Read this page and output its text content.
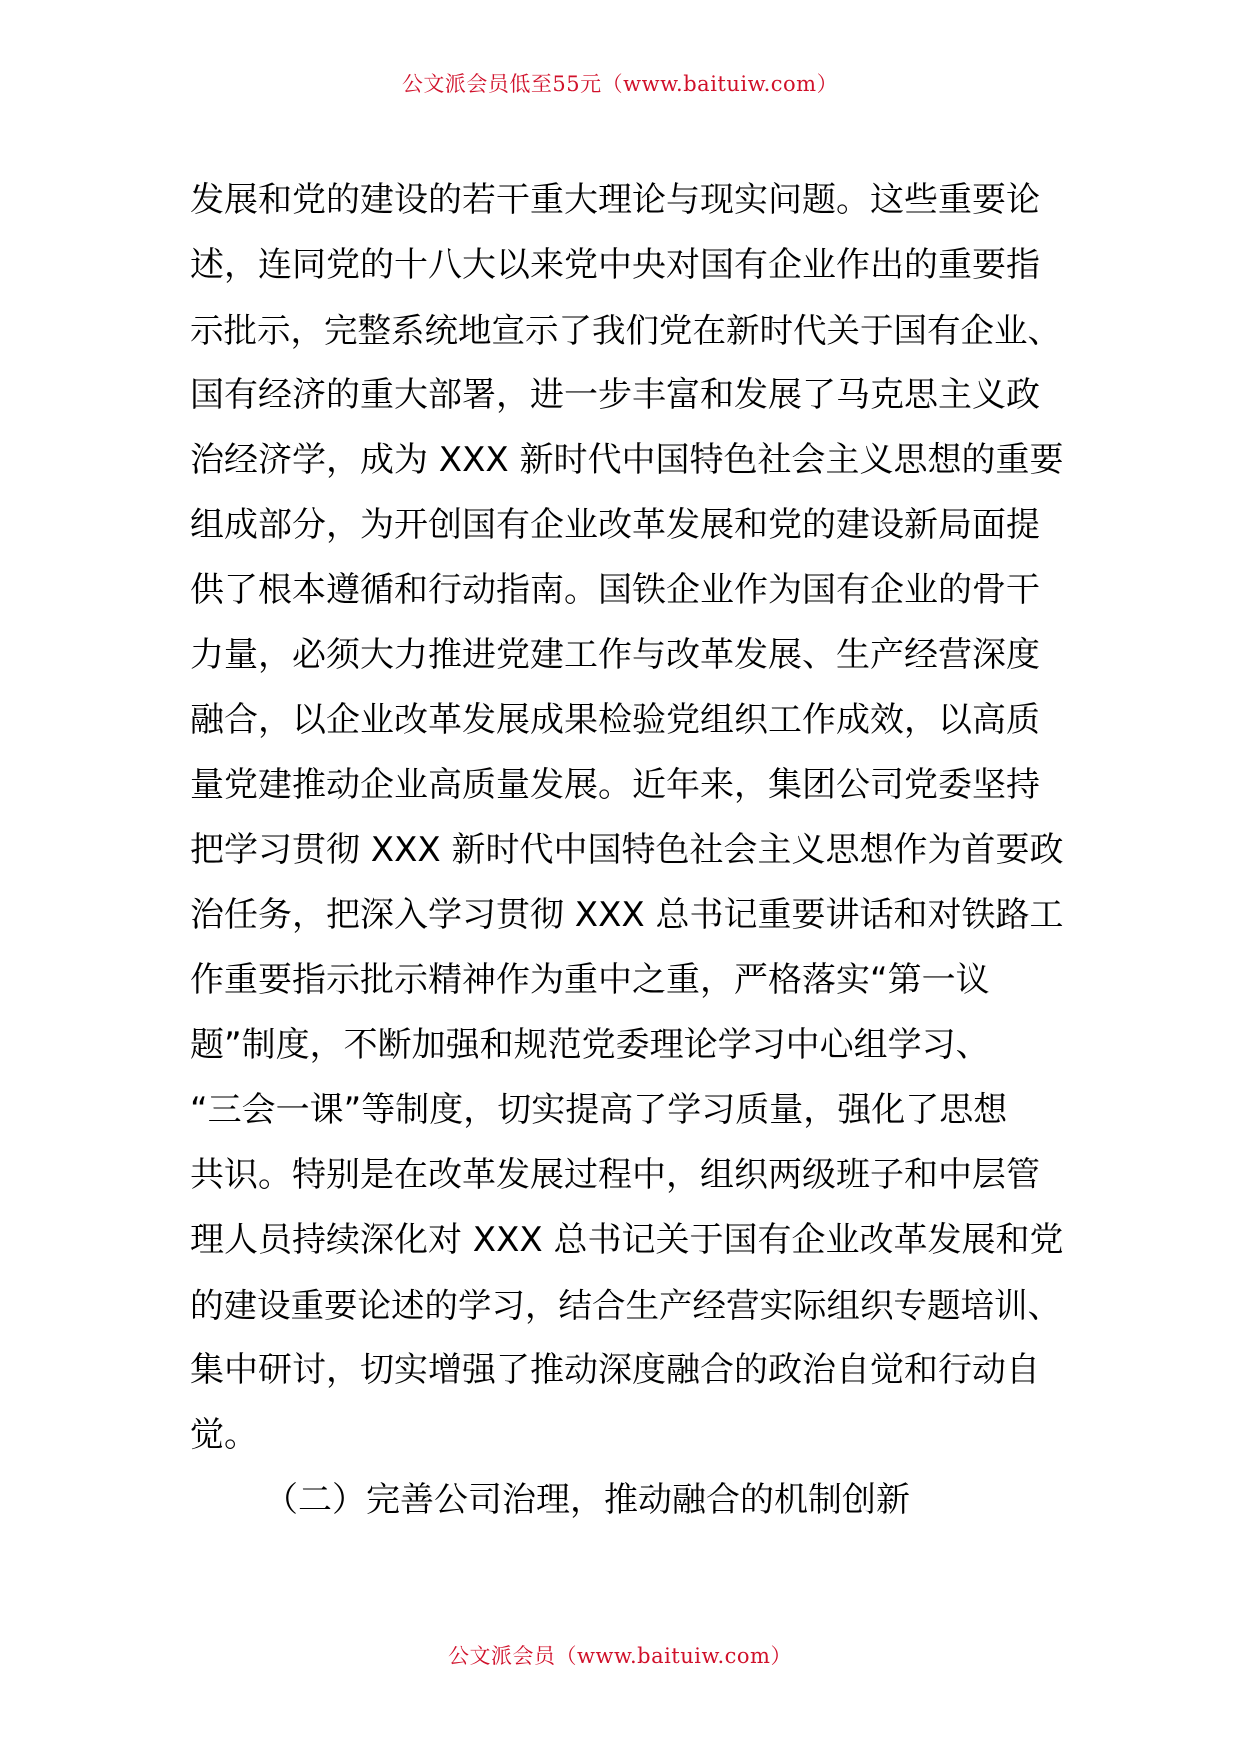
公文派会员低至55元（www.baituiw.com）
发展和党的建设的若干重大理论与现实问题。这些重要论
述，连同党的十八大以来党中央对国有企业作出的重要指
示批示，完整系统地宣示了我们党在新时代关于国有企业、
国有经济的重大部署，进一步丰富和发展了马克思主义政
治经济学，成为 XXX 新时代中国特色社会主义思想的重要
组成部分，为开创国有企业改革发展和党的建设新局面提
供了根本遵循和行动指南。国铁企业作为国有企业的骨干
力量，必须大力推进党建工作与改革发展、生产经营深度
融合，以企业改革发展成果检验党组织工作成效，以高质
量党建推动企业高质量发展。近年来，集团公司党委坚持
把学习贯彻 XXX 新时代中国特色社会主义思想作为首要政
治任务，把深入学习贯彻 XXX 总书记重要讲话和对铁路工
作重要指示批示精神作为重中之重，严格落实“第一议
题”制度，不断加强和规范党委理论学习中心组学习、
“三会一课”等制度，切实提高了学习质量，强化了思想
共识。特别是在改革发展过程中，组织两级班子和中层管
理人员持续深化对 XXX 总书记关于国有企业改革发展和党
的建设重要论述的学习，结合生产经营实际组织专题培训、
集中研讨，切实增强了推动深度融合的政治自觉和行动自
觉。
（二）完善公司治理，推动融合的机制创新
公文派会员（www.baituiw.com）
